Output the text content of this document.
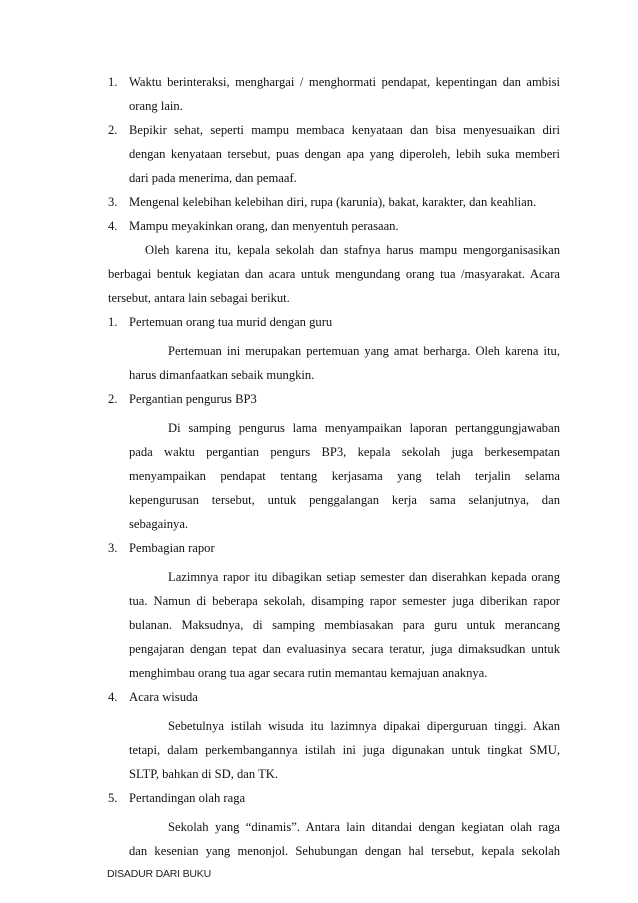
1. Waktu berinteraksi, menghargai / menghormati pendapat, kepentingan dan ambisi
orang lain.
2. Bepikir sehat, seperti mampu membaca kenyataan dan bisa menyesuaikan diri
dengan kenyataan tersebut, puas dengan apa yang diperoleh, lebih suka memberi
dari pada menerima, dan pemaaf.
3. Mengenal kelebihan kelebihan diri, rupa (karunia), bakat, karakter, dan keahlian.
4. Mampu meyakinkan orang, dan menyentuh perasaan.
Oleh karena itu, kepala sekolah dan stafnya harus mampu mengorganisasikan
berbagai bentuk kegiatan dan acara untuk mengundang orang tua /masyarakat. Acara
tersebut, antara lain sebagai berikut.
1. Pertemuan orang tua murid dengan guru
Pertemuan ini merupakan pertemuan yang amat berharga. Oleh karena itu,
harus dimanfaatkan sebaik mungkin.
2. Pergantian pengurus BP3
Di samping pengurus lama menyampaikan laporan pertanggungjawaban
pada waktu pergantian pengurs BP3, kepala sekolah juga berkesempatan
menyampaikan pendapat tentang kerjasama yang telah terjalin selama
kepengurusan tersebut, untuk penggalangan kerja sama selanjutnya, dan
sebagainya.
3. Pembagian rapor
Lazimnya rapor itu dibagikan setiap semester dan diserahkan kepada orang
tua. Namun di beberapa sekolah, disamping rapor semester juga diberikan rapor
bulanan. Maksudnya, di samping membiasakan para guru untuk merancang
pengajaran dengan tepat dan evaluasinya secara teratur, juga dimaksudkan untuk
menghimbau orang tua agar secara rutin memantau kemajuan anaknya.
4. Acara wisuda
Sebetulnya istilah wisuda itu lazimnya dipakai diperguruan tinggi. Akan
tetapi, dalam perkembangannya istilah ini juga digunakan untuk tingkat SMU,
SLTP, bahkan di SD, dan TK.
5. Pertandingan olah raga
Sekolah yang “dinamis”. Antara lain ditandai dengan kegiatan olah raga
dan kesenian yang menonjol. Sehubungan dengan hal tersebut, kepala sekolah
DISADUR DARI BUKU
